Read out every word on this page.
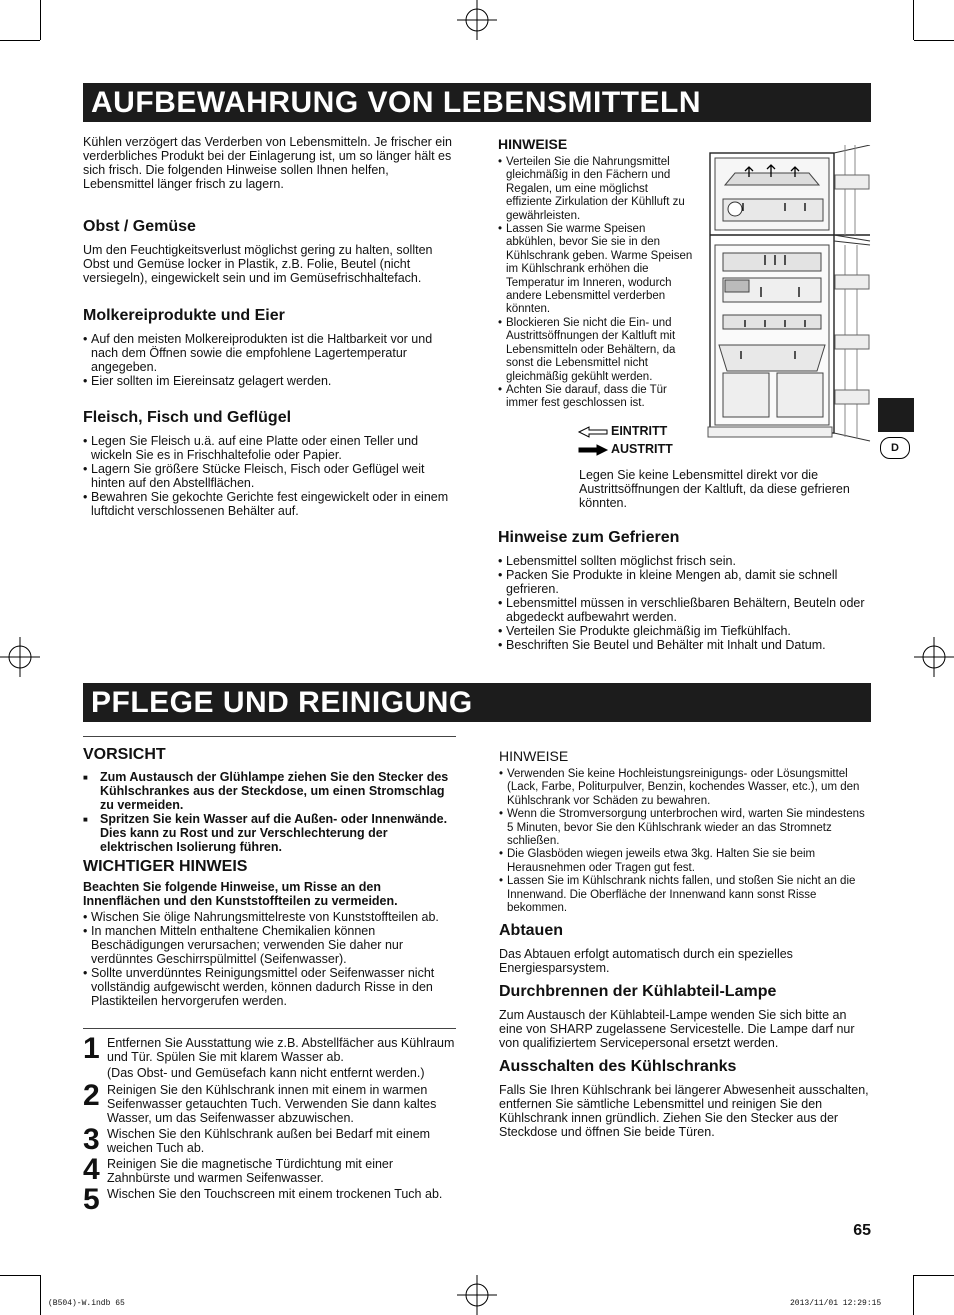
AUFBEWAHRUNG VON LEBENSMITTELN
Kühlen verzögert das Verderben von Lebensmitteln. Je frischer ein verderbliches Produkt bei der Einlagerung ist, um so länger hält es sich frisch. Die folgenden Hinweise sollen Ihnen helfen, Lebensmittel länger frisch zu lagern.
Obst / Gemüse
Um den Feuchtigkeitsverlust möglichst gering zu halten, sollten Obst und Gemüse locker in Plastik, z.B. Folie, Beutel (nicht versiegeln), eingewickelt sein und im Gemüsefrischhaltefach.
Molkereiprodukte und Eier
• Auf den meisten Molkereiprodukten ist die Haltbarkeit vor und nach dem Öffnen sowie die empfohlene Lagertemperatur angegeben.
• Eier sollten im Eiereinsatz gelagert werden.
Fleisch, Fisch und Geflügel
• Legen Sie Fleisch u.ä. auf eine Platte oder einen Teller und wickeln Sie es in Frischhaltefolie oder Papier.
• Lagern Sie größere Stücke Fleisch, Fisch oder Geflügel weit hinten auf den Abstellflächen.
• Bewahren Sie gekochte Gerichte fest eingewickelt oder in einem luftdicht verschlossenen Behälter auf.
HINWEISE
• Verteilen Sie die Nahrungsmittel gleichmäßig in den Fächern und Regalen, um eine möglichst effiziente Zirkulation der Kühlluft zu gewährleisten.
• Lassen Sie warme Speisen abkühlen, bevor Sie sie in den Kühlschrank geben. Warme Speisen im Kühlschrank erhöhen die Temperatur im Inneren, wodurch andere Lebensmittel verderben könnten.
• Blockieren Sie nicht die Ein- und Austrittsöffnungen der Kaltluft mit Lebensmitteln oder Behältern, da sonst die Lebensmittel nicht gleichmäßig gekühlt werden.
• Achten Sie darauf, dass die Tür immer fest geschlossen ist.
EINTRITT
AUSTRITT
Legen Sie keine Lebensmittel direkt vor die Austrittsöffnungen der Kaltluft, da diese gefrieren könnten.
Hinweise zum Gefrieren
• Lebensmittel sollten möglichst frisch sein.
• Packen Sie Produkte in kleine Mengen ab, damit sie schnell gefrieren.
• Lebensmittel müssen in verschließbaren Behältern, Beuteln oder abgedeckt aufbewahrt werden.
• Verteilen Sie Produkte gleichmäßig im Tiefkühlfach.
• Beschriften Sie Beutel und Behälter mit Inhalt und Datum.
D
PFLEGE UND REINIGUNG
VORSICHT
■ Zum Austausch der Glühlampe ziehen Sie den Stecker des Kühlschrankes aus der Steckdose, um einen Stromschlag zu vermeiden.
■ Spritzen Sie kein Wasser auf die Außen- oder Innenwände. Dies kann zu Rost und zur Verschlechterung der elektrischen Isolierung führen.
WICHTIGER HINWEIS
Beachten Sie folgende Hinweise, um Risse an den Innenflächen und den Kunststoffteilen zu vermeiden.
• Wischen Sie ölige Nahrungsmittelreste von Kunststoffteilen ab.
• In manchen Mitteln enthaltene Chemikalien können Beschädigungen verursachen; verwenden Sie daher nur verdünntes Geschirrspülmittel (Seifenwasser).
• Sollte unverdünntes Reinigungsmittel oder Seifenwasser nicht vollständig aufgewischt werden, können dadurch Risse in den Plastikteilen hervorgerufen werden.
1 Entfernen Sie Ausstattung wie z.B. Abstellfächer aus Kühlraum und Tür. Spülen Sie mit klarem Wasser ab.
(Das Obst- und Gemüsefach kann nicht entfernt werden.)
2 Reinigen Sie den Kühlschrank innen mit einem in warmen Seifenwasser getauchten Tuch. Verwenden Sie dann kaltes Wasser, um das Seifenwasser abzuwischen.
3 Wischen Sie den Kühlschrank außen bei Bedarf mit einem weichen Tuch ab.
4 Reinigen Sie die magnetische Türdichtung mit einer Zahnbürste und warmen Seifenwasser.
5 Wischen Sie den Touchscreen mit einem trockenen Tuch ab.
HINWEISE
• Verwenden Sie keine Hochleistungsreinigungs- oder Lösungsmittel (Lack, Farbe, Politurpulver, Benzin, kochendes Wasser, etc.), um den Kühlschrank vor Schäden zu bewahren.
• Wenn die Stromversorgung unterbrochen wird, warten Sie mindestens 5 Minuten, bevor Sie den Kühlschrank wieder an das Stromnetz schließen.
• Die Glasböden wiegen jeweils etwa 3kg. Halten Sie sie beim Herausnehmen oder Tragen gut fest.
• Lassen Sie im Kühlschrank nichts fallen, und stoßen Sie nicht an die Innenwand. Die Oberfläche der Innenwand kann sonst Risse bekommen.
Abtauen
Das Abtauen erfolgt automatisch durch ein spezielles Energiesparsystem.
Durchbrennen der Kühlabteil-Lampe
Zum Austausch der Kühlabteil-Lampe wenden Sie sich bitte an eine von SHARP zugelassene Servicestelle. Die Lampe darf nur von qualifiziertem Servicepersonal ersetzt werden.
Ausschalten des Kühlschranks
Falls Sie Ihren Kühlschrank bei längerer Abwesenheit ausschalten, entfernen Sie sämtliche Lebensmittel und reinigen Sie den Kühlschrank innen gründlich. Ziehen Sie den Stecker aus der Steckdose und öffnen Sie beide Türen.
65
(B504)-W.indb 65	2013/11/01 12:29:15
